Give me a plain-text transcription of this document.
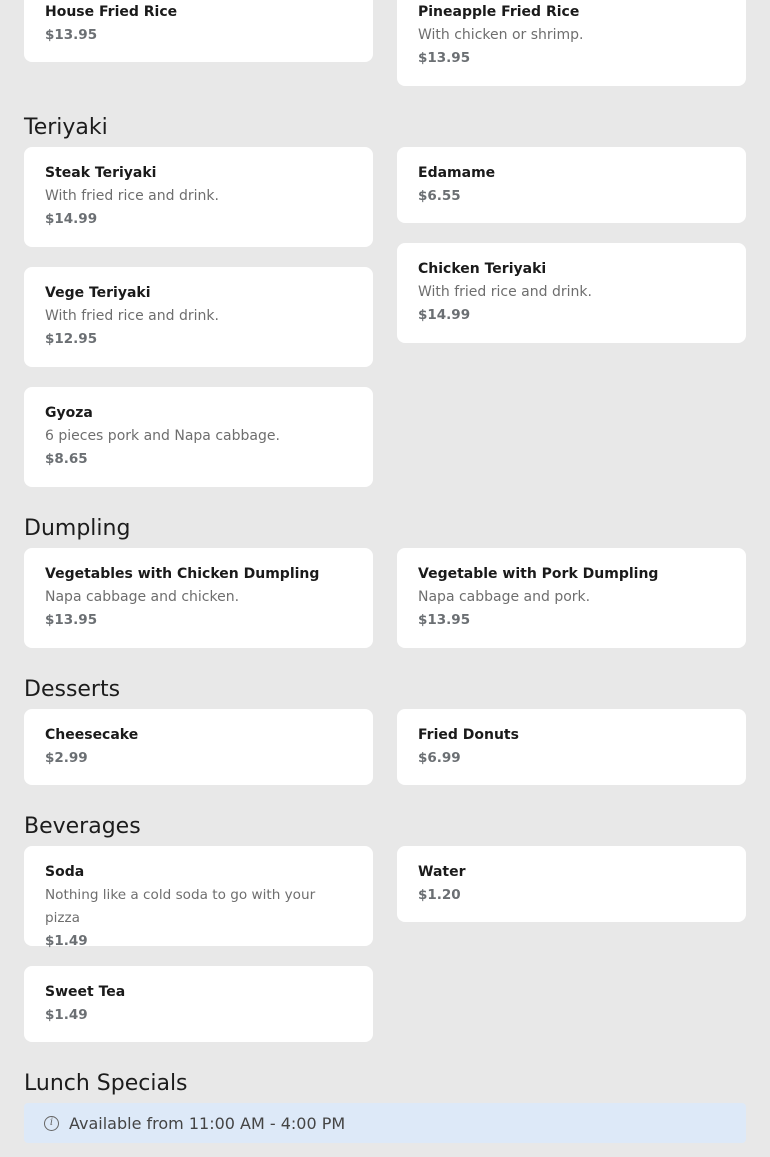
House Fried Rice
$13.95
Pineapple Fried Rice
With chicken or shrimp.
$13.95
Teriyaki
Steak Teriyaki
With fried rice and drink.
$14.99
Edamame
$6.55
Vege Teriyaki
With fried rice and drink.
$12.95
Chicken Teriyaki
With fried rice and drink.
$14.99
Gyoza
6 pieces pork and Napa cabbage.
$8.65
Dumpling
Vegetables with Chicken Dumpling
Napa cabbage and chicken.
$13.95
Vegetable with Pork Dumpling
Napa cabbage and pork.
$13.95
Desserts
Cheesecake
$2.99
Fried Donuts
$6.99
Beverages
Soda
Nothing like a cold soda to go with your pizza
$1.49
Water
$1.20
Sweet Tea
$1.49
Lunch Specials
i Available from 11:00 AM - 4:00 PM
